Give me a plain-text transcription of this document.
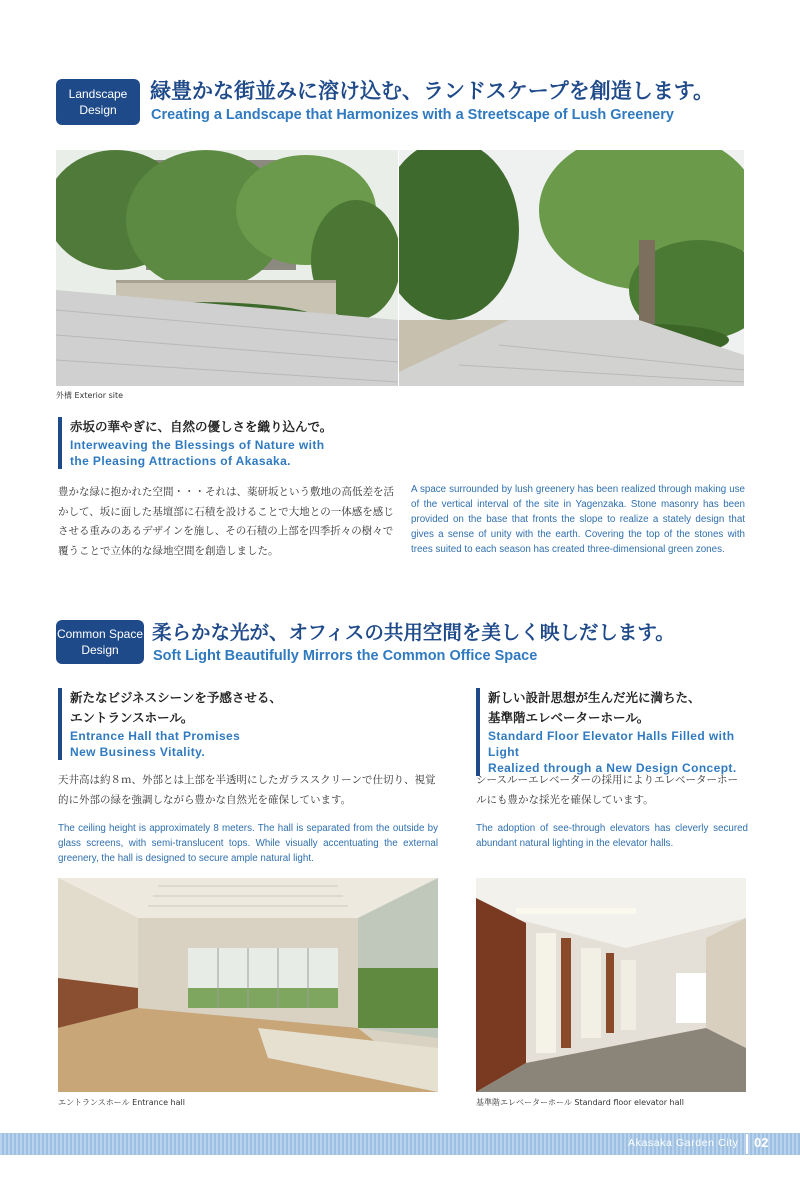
Landscape
Design
緑豊かな街並みに溶け込む、ランドスケープを創造します。
Creating a Landscape that Harmonizes with a Streetscape of Lush Greenery
外構 Exterior site
赤坂の華やぎに、自然の優しさを織り込んで。
Interweaving the Blessings of Nature with
the Pleasing Attractions of Akasaka.
豊かな緑に抱かれた空間・・・それは、薬研坂という敷地の高低差を活かして、坂に面した基壇部に石積を設けることで大地との一体感を感じさせる重みのあるデザインを施し、その石積の上部を四季折々の樹々で覆うことで立体的な緑地空間を創造しました。
A space surrounded by lush greenery has been realized through making use of the vertical interval of the site in Yagenzaka. Stone masonry has been provided on the base that fronts the slope to realize a stately design that gives a sense of unity with the earth. Covering the top of the stones with trees suited to each season has created three-dimensional green zones.
Common Space
Design
柔らかな光が、オフィスの共用空間を美しく映しだします。
Soft Light Beautifully Mirrors the Common Office Space
新たなビジネスシーンを予感させる、
エントランスホール。
Entrance Hall that Promises
New Business Vitality.
天井高は約８ｍ、外部とは上部を半透明にしたガラススクリーンで仕切り、視覚的に外部の緑を強調しながら豊かな自然光を確保しています。
The ceiling height is approximately 8 meters. The hall is separated from the outside by glass screens, with semi-translucent tops. While visually accentuating the external greenery, the hall is designed to secure ample natural light.
新しい設計思想が生んだ光に満ちた、
基準階エレベーターホール。
Standard Floor Elevator Halls Filled with Light
Realized through a New Design Concept.
シースルーエレベーターの採用によりエレベーターホールにも豊かな採光を確保しています。
The adoption of see-through elevators has cleverly secured abundant natural lighting in the elevator halls.
エントランスホール Entrance hall	基準階エレベーターホール Standard floor elevator hall
Akasaka Garden City 02
